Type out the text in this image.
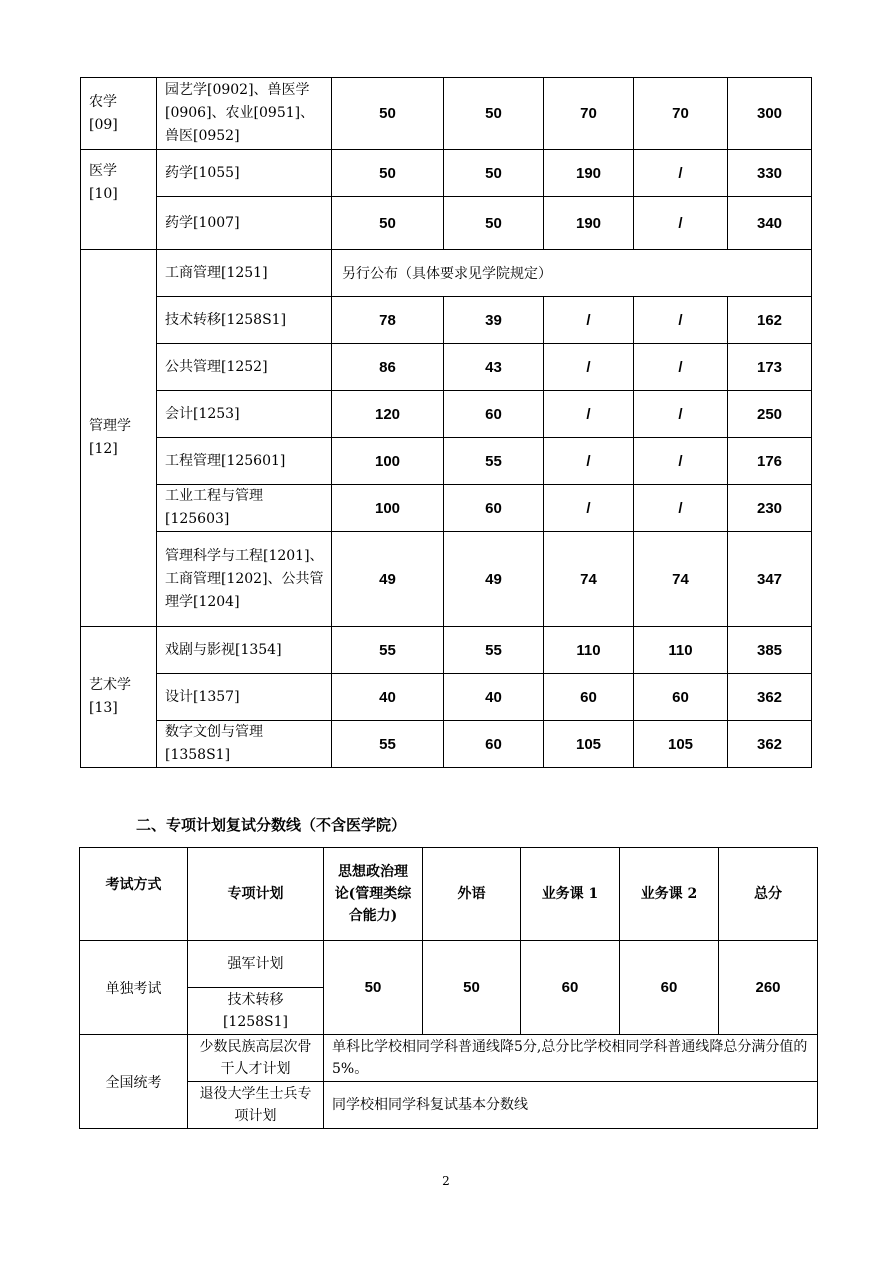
农学
[09]	园艺学[0902]、兽医学[0906]、农业[0951]、兽医[0952]	50	50	70	70	300
医学
[10]	药学[1055]	50	50	190	/	330
	药学[1007]	50	50	190	/	340
管理学
[12]	工商管理[1251]	另行公布（具体要求见学院规定）				
	技术转移[1258S1]	78	39	/	/	162
	公共管理[1252]	86	43	/	/	173
	会计[1253]	120	60	/	/	250
	工程管理[125601]	100	55	/	/	176
	工业工程与管理[125603]	100	60	/	/	230
	管理科学与工程[1201]、工商管理[1202]、公共管理学[1204]	49	49	74	74	347
艺术学
[13]	戏剧与影视[1354]	55	55	110	110	385
	设计[1357]	40	40	60	60	362
	数字文创与管理[1358S1]	55	60	105	105	362
二、专项计划复试分数线（不含医学院）
考试方式	专项计划	思想政治理论(管理类综合能力)	外语	业务课 1	业务课 2	总分
单独考试	强军计划	50	50	60	60	260
	技术转移[1258S1]					
全国统考	少数民族高层次骨干人才计划	单科比学校相同学科普通线降5分,总分比学校相同学科普通线降总分满分值的5%。				
	退役大学生士兵专项计划	同学校相同学科复试基本分数线				
2
